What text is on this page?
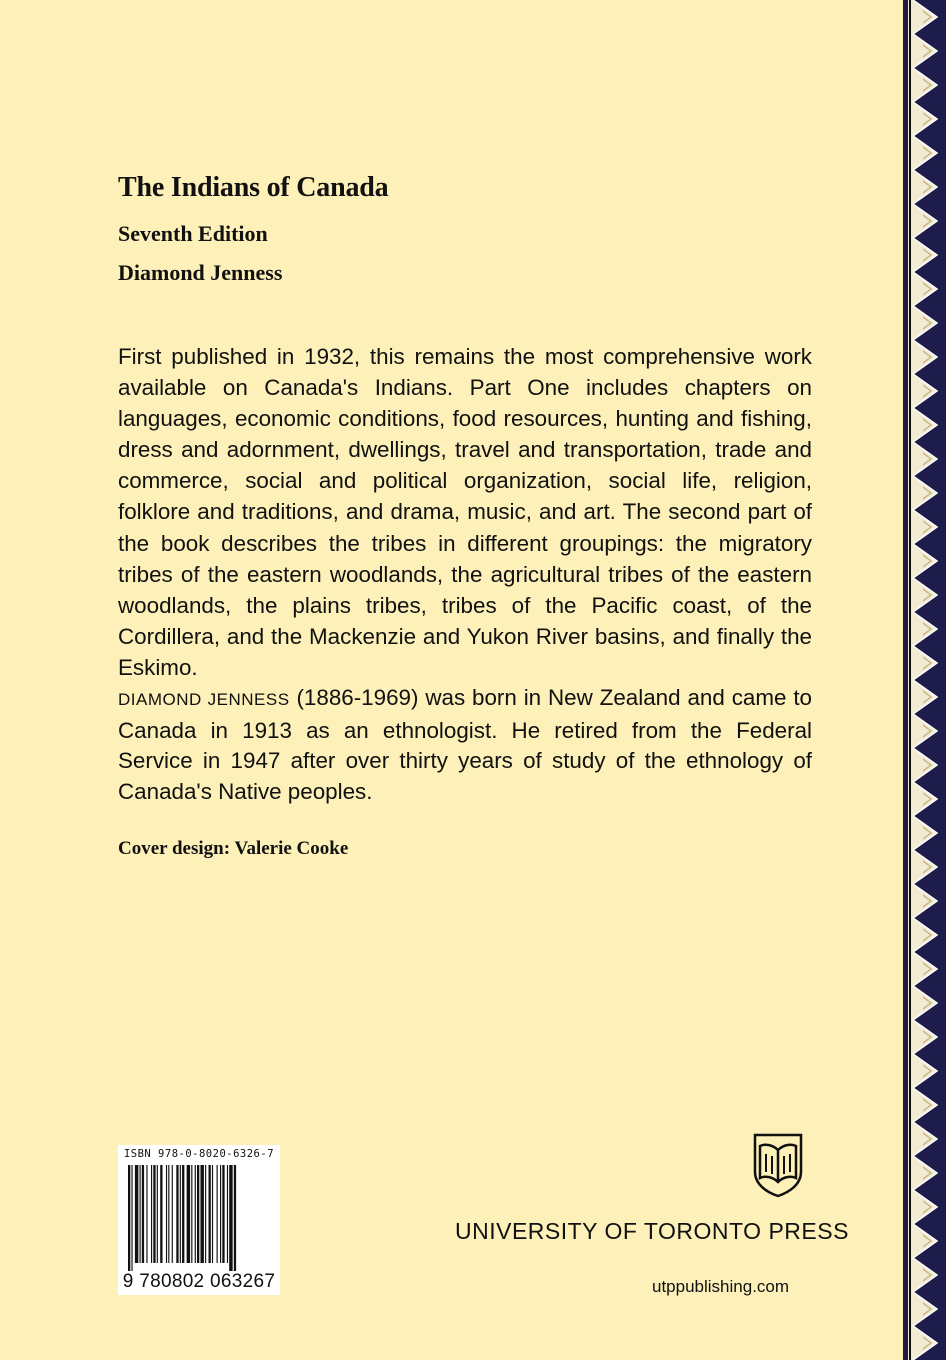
The Indians of Canada
Seventh Edition
Diamond Jenness

First published in 1932, this remains the most comprehensive work available on Canada's Indians. Part One includes chapters on languages, economic conditions, food resources, hunting and fishing, dress and adornment, dwellings, travel and transportation, trade and commerce, social and political organization, social life, religion, folklore and traditions, and drama, music, and art. The second part of the book describes the tribes in different groupings: the migratory tribes of the eastern woodlands, the agricultural tribes of the eastern woodlands, the plains tribes, tribes of the Pacific coast, of the Cordillera, and the Mackenzie and Yukon River basins, and finally the Eskimo.

DIAMOND JENNESS (1886-1969) was born in New Zealand and came to Canada in 1913 as an ethnologist. He retired from the Federal Service in 1947 after over thirty years of study of the ethnology of Canada's Native peoples.

Cover design: Valerie Cooke
ISBN 978-0-8020-6326-7
9 780802 063267
UNIVERSITY OF TORONTO PRESS
utppublishing.com
